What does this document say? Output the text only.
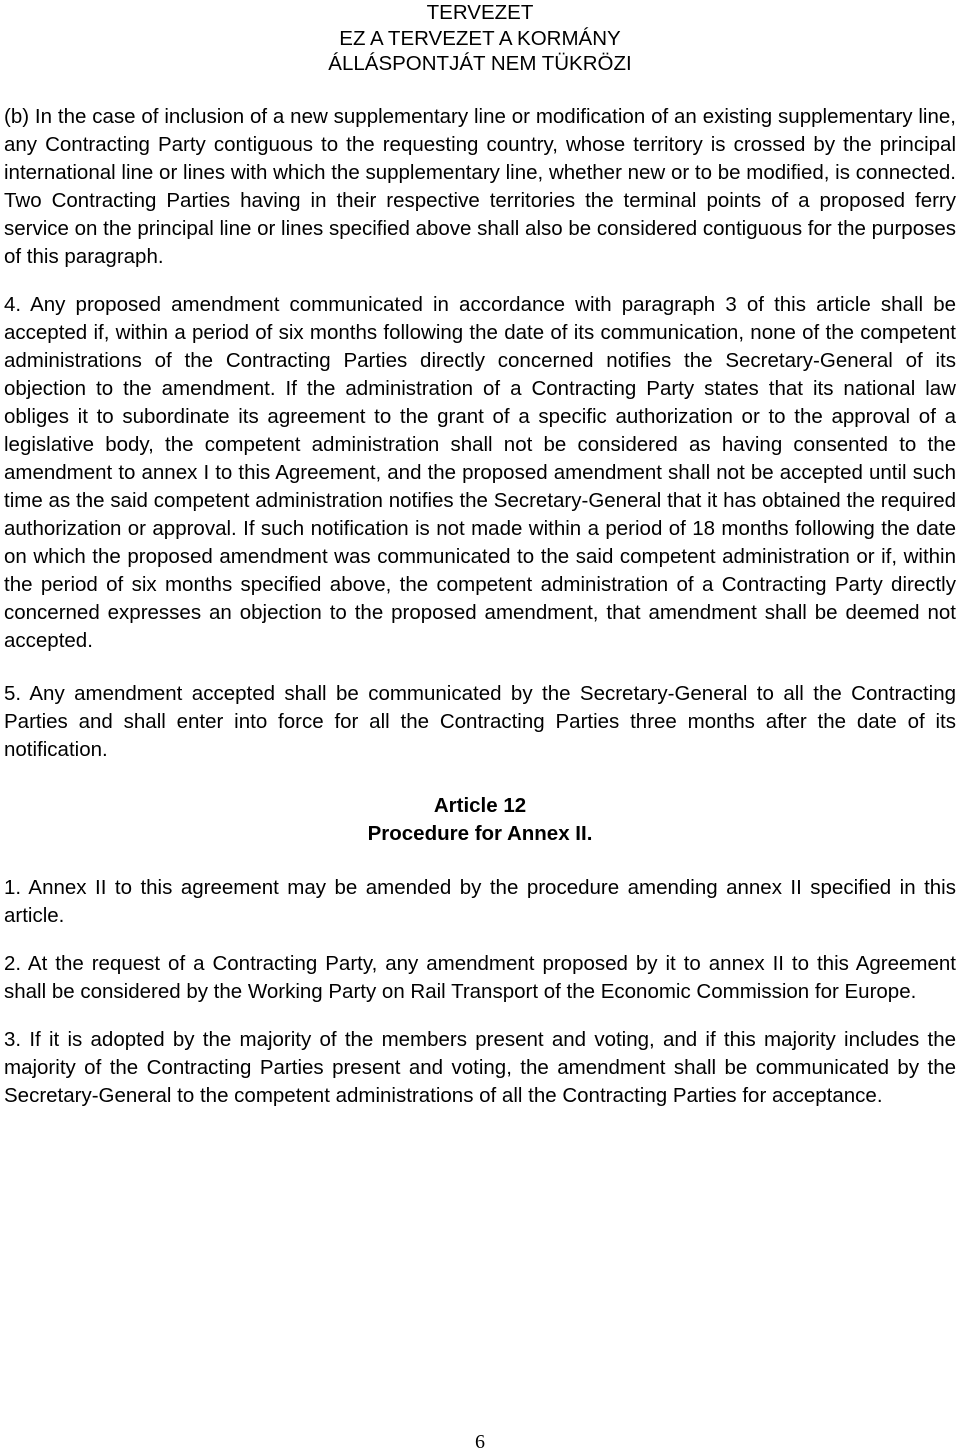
TERVEZET
EZ A TERVEZET A KORMÁNY
ÁLLÁSPONTJÁT NEM TÜKRÖZI

(b) In the case of inclusion of a new supplementary line or modification of an existing supplementary line, any Contracting Party contiguous to the requesting country, whose territory is crossed by the principal international line or lines with which the supplementary line, whether new or to be modified, is connected. Two Contracting Parties having in their respective territories the terminal points of a proposed ferry service on the principal line or lines specified above shall also be considered contiguous for the purposes of this paragraph.

4. Any proposed amendment communicated in accordance with paragraph 3 of this article shall be accepted if, within a period of six months following the date of its communication, none of the competent administrations of the Contracting Parties directly concerned notifies the Secretary-General of its objection to the amendment. If the administration of a Contracting Party states that its national law obliges it to subordinate its agreement to the grant of a specific authorization or to the approval of a legislative body, the competent administration shall not be considered as having consented to the amendment to annex I to this Agreement, and the proposed amendment shall not be accepted until such time as the said competent administration notifies the Secretary-General that it has obtained the required authorization or approval. If such notification is not made within a period of 18 months following the date on which the proposed amendment was communicated to the said competent administration or if, within the period of six months specified above, the competent administration of a Contracting Party directly concerned expresses an objection to the proposed amendment, that amendment shall be deemed not accepted.

5. Any amendment accepted shall be communicated by the Secretary-General to all the Contracting Parties and shall enter into force for all the Contracting Parties three months after the date of its notification.

Article 12
Procedure for Annex II.

1. Annex II to this agreement may be amended by the procedure amending annex II specified in this article.

2. At the request of a Contracting Party, any amendment proposed by it to annex II to this Agreement shall be considered by the Working Party on Rail Transport of the Economic Commission for Europe.

3. If it is adopted by the majority of the members present and voting, and if this majority includes the majority of the Contracting Parties present and voting, the amendment shall be communicated by the Secretary-General to the competent administrations of all the Contracting Parties for acceptance.

6
